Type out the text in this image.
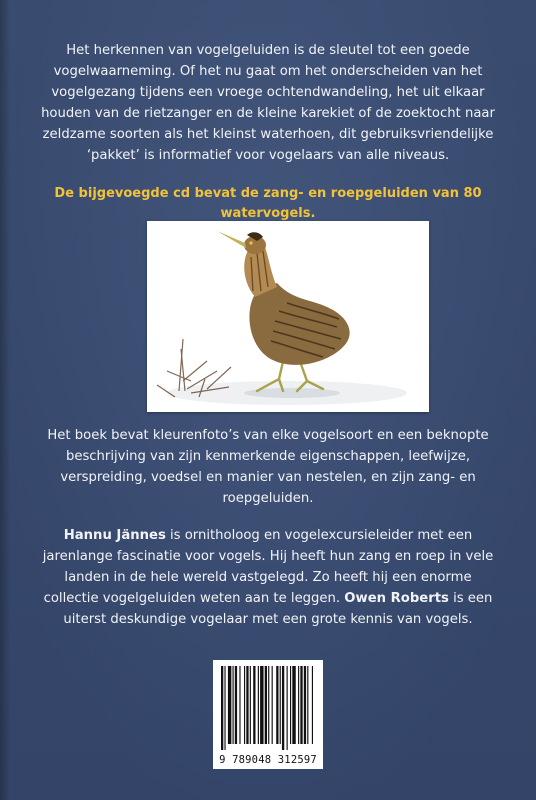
Het herkennen van vogelgeluiden is de sleutel tot een goede vogelwaarneming. Of het nu gaat om het onderscheiden van het vogelgezang tijdens een vroege ochtendwandeling, het uit elkaar houden van de rietzanger en de kleine karekiet of de zoektocht naar zeldzame soorten als het kleinst waterhoen, dit gebruiksvriendelijke ‘pakket’ is informatief voor vogelaars van alle niveaus.

De bijgevoegde cd bevat de zang- en roepgeluiden van 80 watervogels.

Het boek bevat kleurenfoto’s van elke vogelsoort en een beknopte beschrijving van zijn kenmerkende eigenschappen, leefwijze, verspreiding, voedsel en manier van nestelen, en zijn zang- en roepgeluiden.

Hannu Jännes is ornitholoog en vogelexcursieleider met een jarenlange fascinatie voor vogels. Hij heeft hun zang en roep in vele landen in de hele wereld vastgelegd. Zo heeft hij een enorme collectie vogelgeluiden weten aan te leggen. Owen Roberts is een uiterst deskundige vogelaar met een grote kennis van vogels.

9 789048 312597
